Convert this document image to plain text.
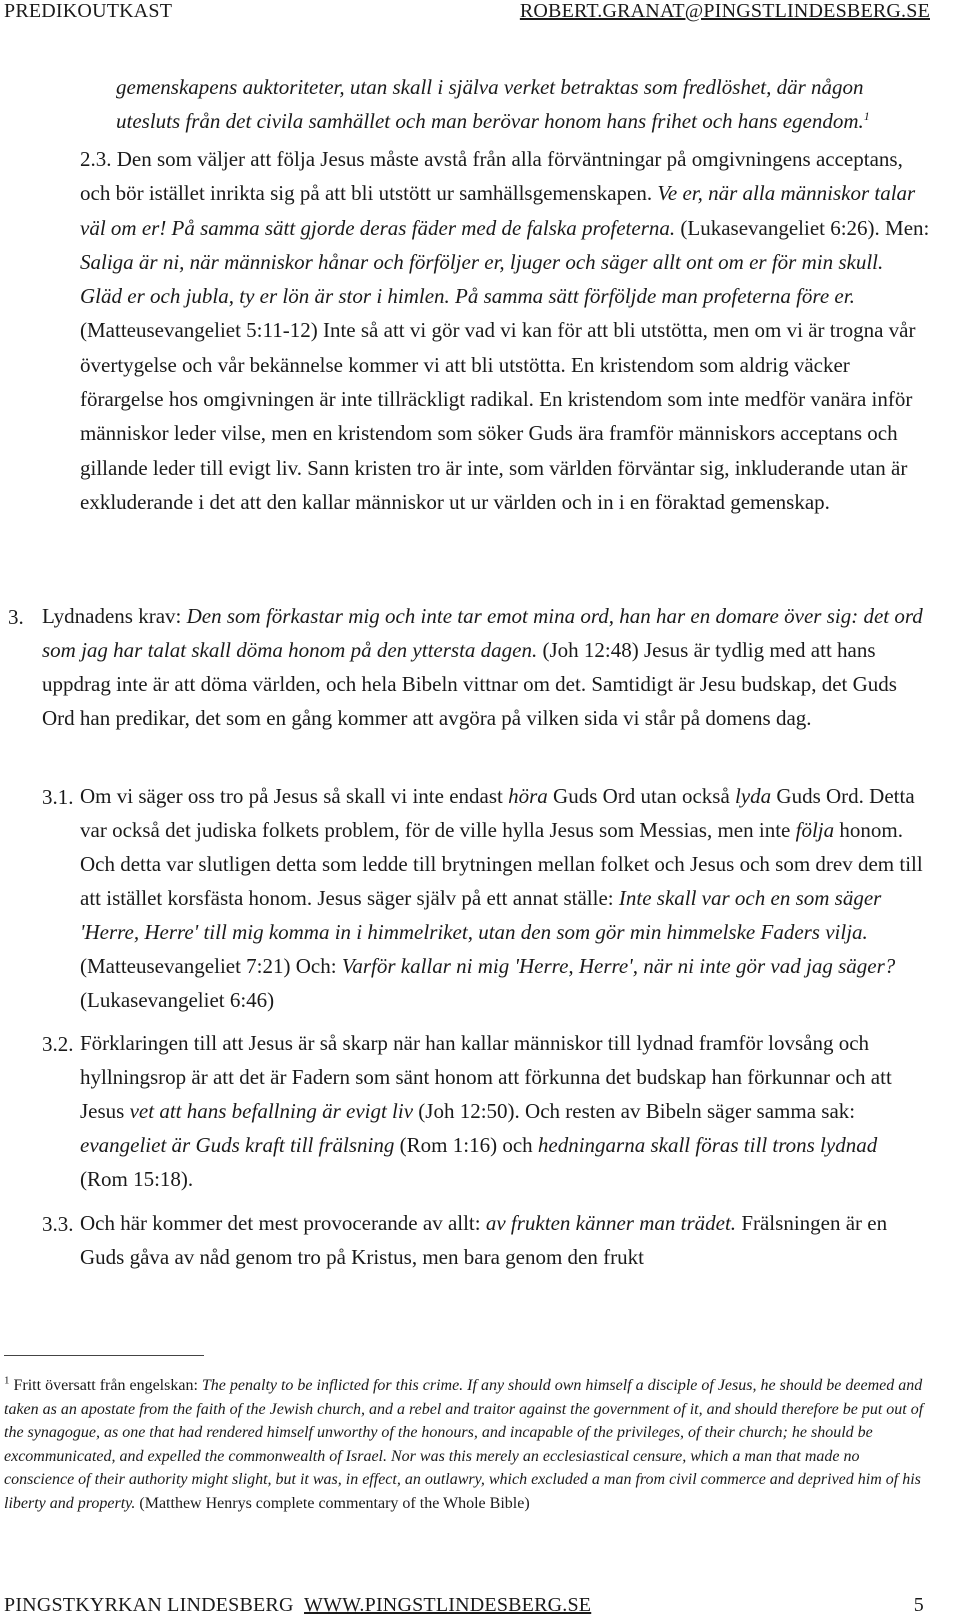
PREDIKOUTKAST	ROBERT.GRANAT@PINGSTLINDESBERG.SE
gemenskapens auktoriteter, utan skall i själva verket betraktas som fredlöshet, där någon utesluts från det civila samhället och man berövar honom hans frihet och hans egendom.$^1$
2.3. Den som väljer att följa Jesus måste avstå från alla förväntningar på omgivningens acceptans, och bör istället inrikta sig på att bli utstött ur samhällsgemenskapen. Ve er, när alla människor talar väl om er! På samma sätt gjorde deras fäder med de falska profeterna. (Lukasevangeliet 6:26). Men: Saliga är ni, när människor hånar och förföljer er, ljuger och säger allt ont om er för min skull. Gläd er och jubla, ty er lön är stor i himlen. På samma sätt förföljde man profeterna före er. (Matteusevangeliet 5:11-12) Inte så att vi gör vad vi kan för att bli utstötta, men om vi är trogna vår övertygelse och vår bekännelse kommer vi att bli utstötta. En kristendom som aldrig väcker förargelse hos omgivningen är inte tillräckligt radikal. En kristendom som inte medför vanära inför människor leder vilse, men en kristendom som söker Guds ära framför människors acceptans och gillande leder till evigt liv. Sann kristen tro är inte, som världen förväntar sig, inkluderande utan är exkluderande i det att den kallar människor ut ur världen och in i en föraktad gemenskap.
3. Lydnadens krav: Den som förkastar mig och inte tar emot mina ord, han har en domare över sig: det ord som jag har talat skall döma honom på den yttersta dagen. (Joh 12:48) Jesus är tydlig med att hans uppdrag inte är att döma världen, och hela Bibeln vittnar om det. Samtidigt är Jesu budskap, det Guds Ord han predikar, det som en gång kommer att avgöra på vilken sida vi står på domens dag.
3.1. Om vi säger oss tro på Jesus så skall vi inte endast höra Guds Ord utan också lyda Guds Ord. Detta var också det judiska folkets problem, för de ville hylla Jesus som Messias, men inte följa honom. Och detta var slutligen detta som ledde till brytningen mellan folket och Jesus och som drev dem till att istället korsfästa honom. Jesus säger själv på ett annat ställe: Inte skall var och en som säger 'Herre, Herre' till mig komma in i himmelriket, utan den som gör min himmelske Faders vilja. (Matteusevangeliet 7:21) Och: Varför kallar ni mig 'Herre, Herre', när ni inte gör vad jag säger? (Lukasevangeliet 6:46)
3.2. Förklaringen till att Jesus är så skarp när han kallar människor till lydnad framför lovsång och hyllningsrop är att det är Fadern som sänt honom att förkunna det budskap han förkunnar och att Jesus vet att hans befallning är evigt liv (Joh 12:50). Och resten av Bibeln säger samma sak: evangeliet är Guds kraft till frälsning (Rom 1:16) och hedningarna skall föras till trons lydnad (Rom 15:18).
3.3. Och här kommer det mest provocerande av allt: av frukten känner man trädet. Frälsningen är en Guds gåva av nåd genom tro på Kristus, men bara genom den frukt
$^1$ Fritt översatt från engelskan: The penalty to be inflicted for this crime. If any should own himself a disciple of Jesus, he should be deemed and taken as an apostate from the faith of the Jewish church, and a rebel and traitor against the government of it, and should therefore be put out of the synagogue, as one that had rendered himself unworthy of the honours, and incapable of the privileges, of their church; he should be excommunicated, and expelled the commonwealth of Israel. Nor was this merely an ecclesiastical censure, which a man that made no conscience of their authority might slight, but it was, in effect, an outlawry, which excluded a man from civil commerce and deprived him of his liberty and property. (Matthew Henrys complete commentary of the Whole Bible)
PINGSTKYRKAN LINDESBERG WWW.PINGSTLINDESBERG.SE	5
